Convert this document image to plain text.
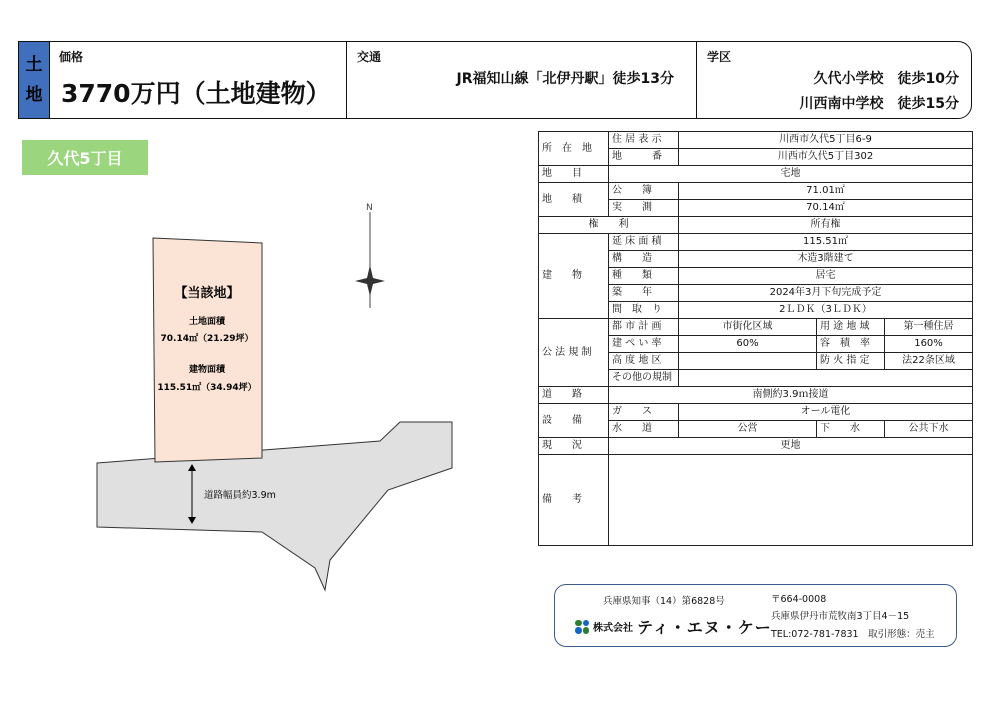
土
地
価格
3770万円（土地建物）
交通
JR福知山線「北伊丹駅」徒歩13分
学区
久代小学校　徒歩10分
川西南中学校　徒歩15分
久代5丁目
N
【当該地】
土地面積
70.14㎡（21.29坪）
建物面積
115.51㎡（34.94坪）
道路幅員約3.9m
所　在　地	住 居 表 示	川西市久代5丁目6-9		
	地　　　番	川西市久代5丁目302		
地　　目	宅地			
地　　積	公　　簿	71.01㎡		
	実　　測	70.14㎡		
権　　利		所有権		
建　　物	延 床 面 積	115.51㎡		
	構　　造	木造3階建て		
	種　　類	居宅		
	築　　年	2024年3月下旬完成予定		
	間　取　り	2ＬＤＫ（3ＬＤＫ）		
公 法 規 制	都 市 計 画	市街化区域	用 途 地 域	第一種住居
	建 ぺ い 率	60%	容　積　率	160%
	高 度 地 区		防 火 指 定	法22条区域
	その他の規制			
道　　路	南側約3.9ｍ接道			
設　　備	ガ　　ス	オール電化		
	水　　道	公営	下　　水	公共下水
現　　況	更地			
備　　考				
兵庫県知事（14）第6828号
株式会社 ティ・エヌ・ケー
〒664-0008
兵庫県伊丹市荒牧南3丁目4－15
TEL:072-781-7831　取引形態：売主
